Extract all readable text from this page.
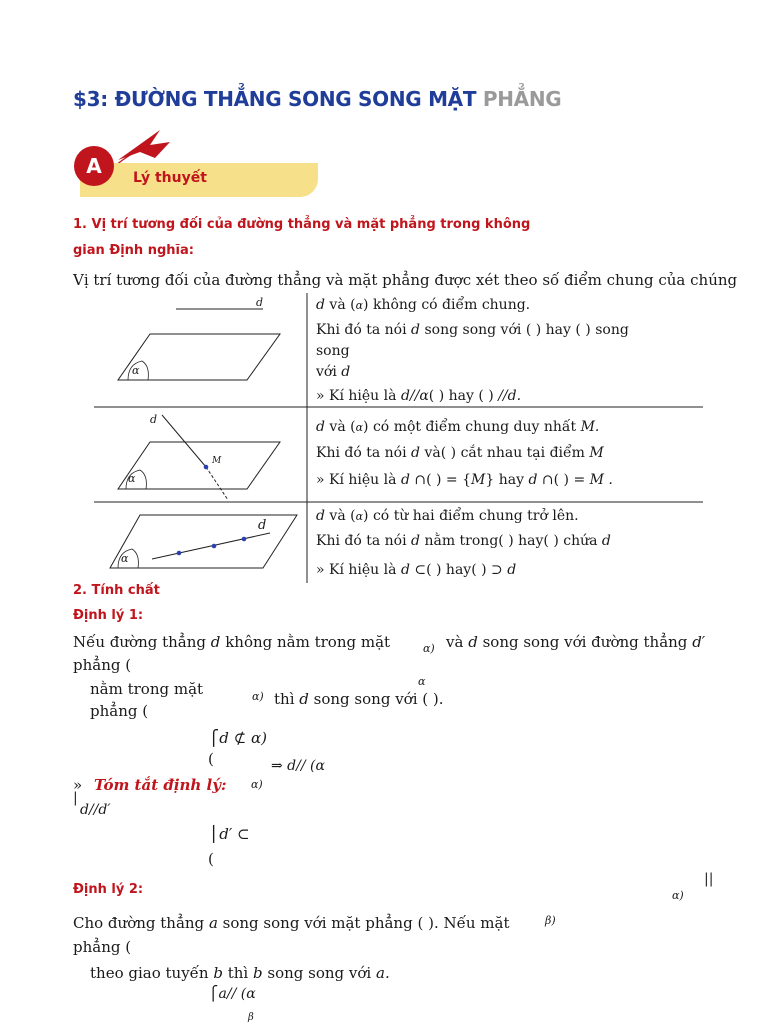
$3: ĐƯỜNG THẲNG SONG SONG MẶT PHẲNG
A	Lý thuyết
1. Vị trí tương đối của đường thẳng và mặt phẳng trong không
gian Định nghĩa:
Vị trí tương đối của đường thẳng và mặt phẳng được xét theo số điểm chung của chúng
d
α
d và (α) không có điểm chung.
Khi đó ta nói d song song với ( ) hay ( ) song
song
với d
» Kí hiệu là d//α( ) hay ( ) //d.
d
M
α
d và (α) có một điểm chung duy nhất M.
Khi đó ta nói d và( ) cắt nhau tại điểm M
» Kí hiệu là d ∩( ) = {M} hay d ∩( ) = M .
d
α
d và (α) có từ hai điểm chung trở lên.
Khi đó ta nói d nằm trong( ) hay( ) chứa d
» Kí hiệu là d ⊂( ) hay( ) ⊃ d
2. Tính chất
Định lý 1:
Nếu đường thẳng d không nằm trong mặt	α) và d song song với đường thẳng d′
phẳng (
nằm trong mặt	α
α) thì d song song với ( ).
phẳng (
⎧d ⊄ α)
(	⇒ d// (α
» Tóm tắt định lý: α)
|
d//d′
⎪d′ ⊂
(
Định lý 2:	α)
||
Cho đường thẳng a song song với mặt phẳng ( ). Nếu mặt	β)
phẳng (
theo giao tuyến b thì b song song với a.
⎧a// (α
β
